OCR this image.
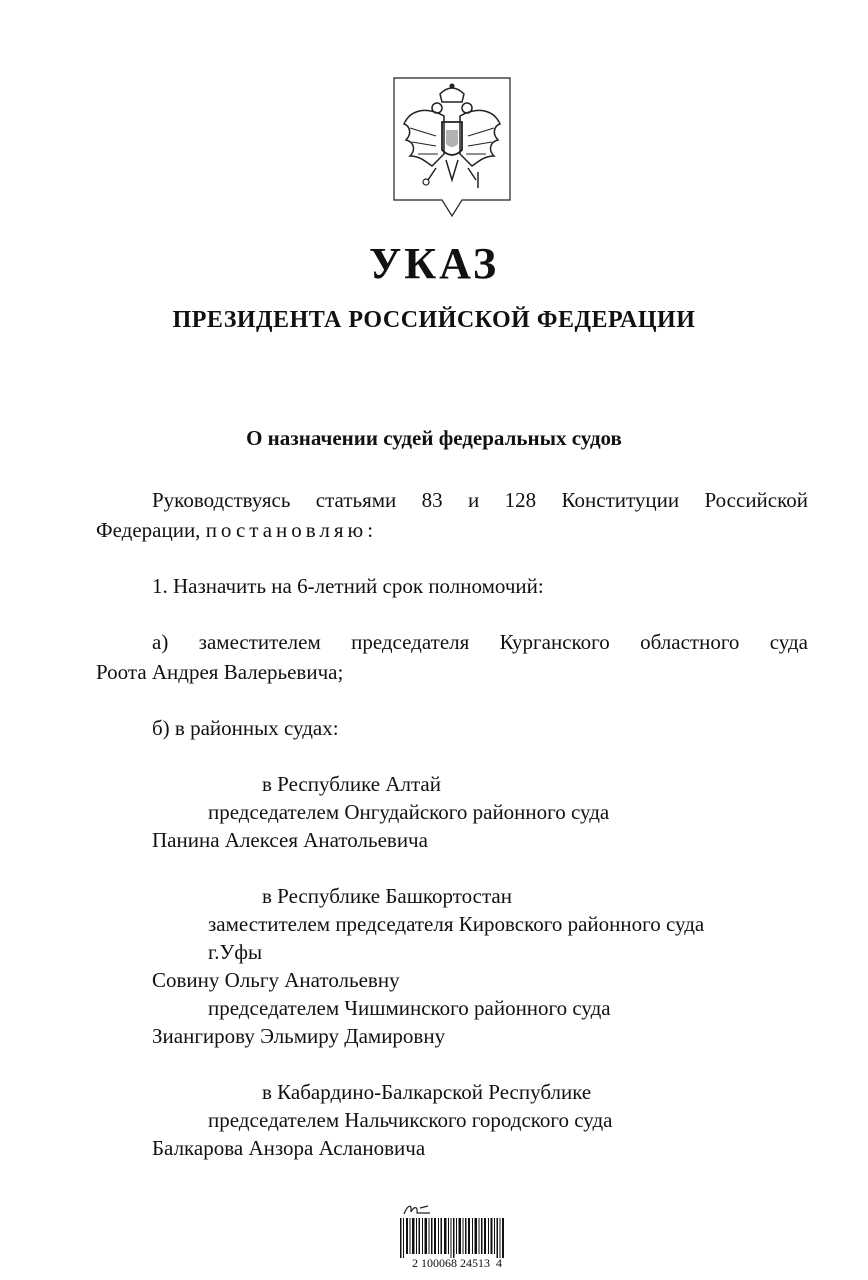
УКАЗ
ПРЕЗИДЕНТА РОССИЙСКОЙ ФЕДЕРАЦИИ
О назначении судей федеральных судов
Руководствуясь статьями 83 и 128 Конституции Российской
Федерации, постановляю:
1. Назначить на 6-летний срок полномочий:
а) заместителем председателя Курганского областного суда
Роота Андрея Валерьевича;
б) в районных судах:
в Республике Алтай
председателем Онгудайского районного суда
Панина Алексея Анатольевича
в Республике Башкортостан
заместителем председателя Кировского районного суда
г.Уфы
Совину Ольгу Анатольевну
председателем Чишминского районного суда
Зиангирову Эльмиру Дамировну
в Кабардино-Балкарской Республике
председателем Нальчикского городского суда
Балкарова Анзора Аслановича
2 100068 24513  4
